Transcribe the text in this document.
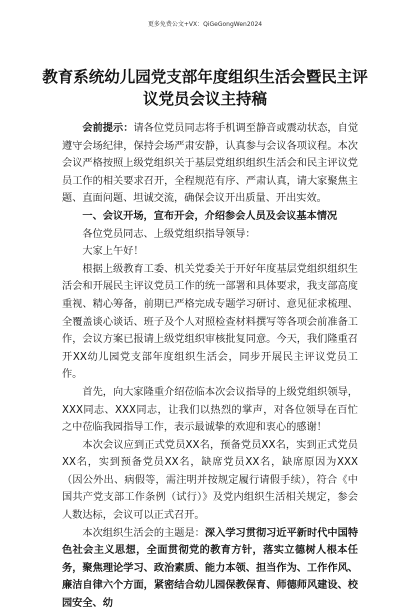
更多免费公文+VX：QiGeGongWen2024
教育系统幼儿园党支部年度组织生活会暨民主评议党员会议主持稿

会前提示：请各位党员同志将手机调至静音或震动状态，自觉遵守会场纪律，保持会场严肃安静，认真参与会议各项议程。本次会议严格按照上级党组织关于基层党组织组织生活会和民主评议党员工作的相关要求召开，全程规范有序、严肃认真，请大家聚焦主题、直面问题、坦诚交流，确保会议开出质量、开出实效。

一、会议开场，宣布开会，介绍参会人员及会议基本情况

各位党员同志、上级党组织指导领导：

大家上午好！

根据上级教育工委、机关党委关于开好年度基层党组织组织生活会和开展民主评议党员工作的统一部署和具体要求，我支部高度重视、精心筹备，前期已严格完成专题学习研讨、意见征求梳理、全覆盖谈心谈话、班子及个人对照检查材料撰写等各项会前准备工作，会议方案已报请上级党组织审核批复同意。今天，我们隆重召开XX幼儿园党支部年度组织生活会，同步开展民主评议党员工作。

首先，向大家隆重介绍莅临本次会议指导的上级党组织领导，XXX同志、XXX同志，让我们以热烈的掌声，对各位领导在百忙之中莅临我园指导工作，表示最诚挚的欢迎和衷心的感谢！

本次会议应到正式党员XX名，预备党员XX名，实到正式党员XX名，实到预备党员XX名，缺席党员XX名，缺席原因为XXX（因公外出、病假等，需注明并按规定履行请假手续），符合《中国共产党支部工作条例（试行）》及党内组织生活相关规定，参会人数达标，会议可以正式召开。

本次组织生活会的主题是：深入学习贯彻习近平新时代中国特色社会主义思想，全面贯彻党的教育方针，落实立德树人根本任务，聚焦理论学习、政治素质、能力本领、担当作为、工作作风、廉洁自律六个方面，紧密结合幼儿园保教保育、师德师风建设、校园安全、幼
